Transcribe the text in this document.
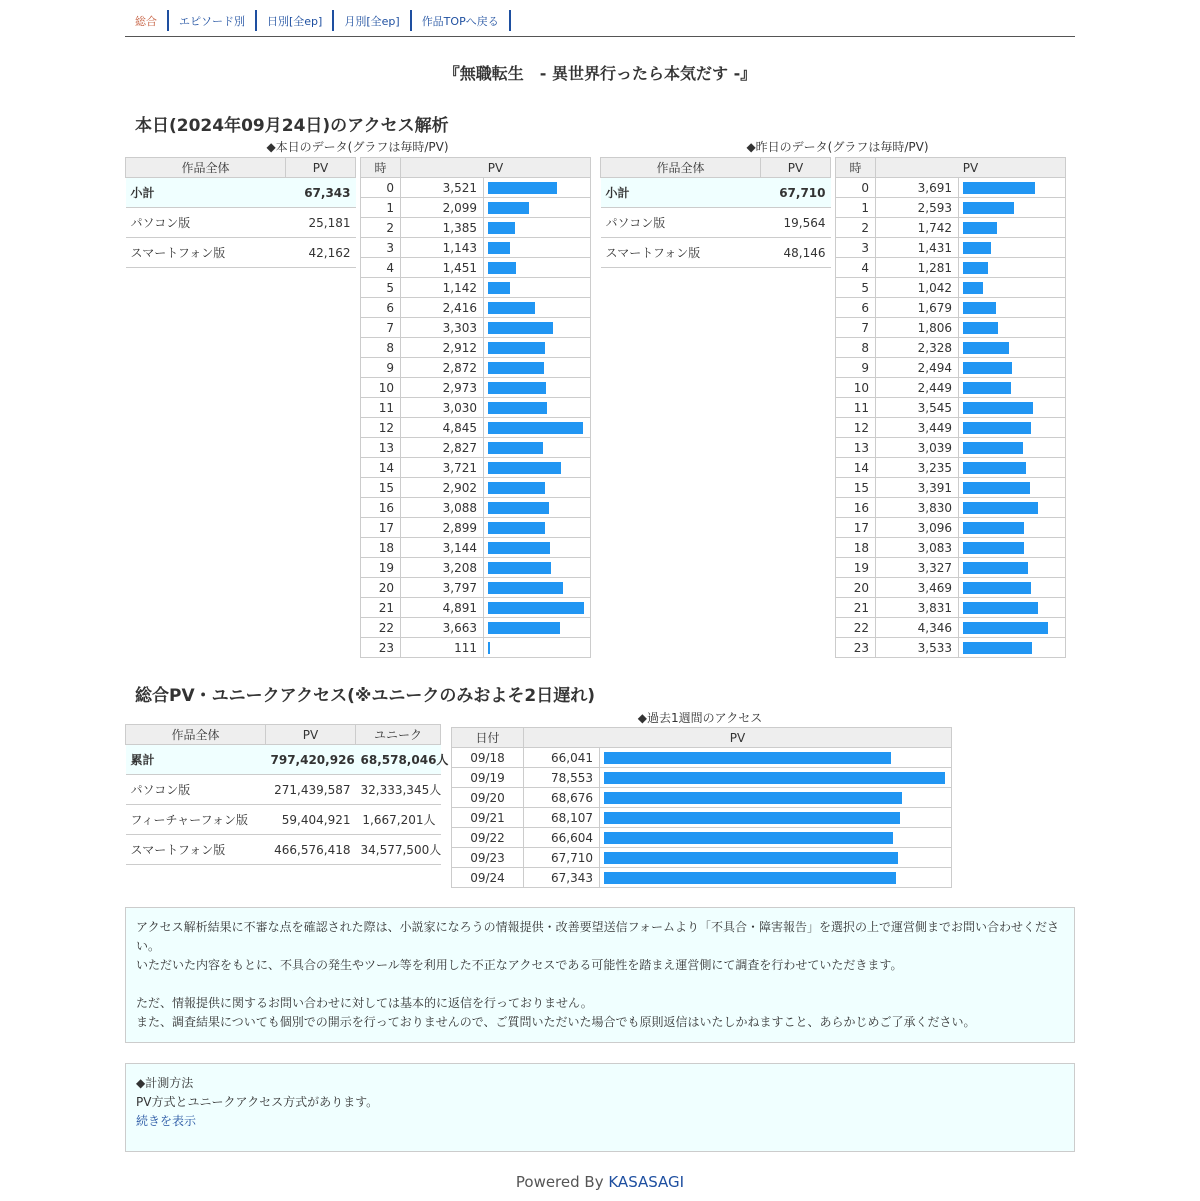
総合	エピソード別	日別[全ep]	月別[全ep]	作品TOPへ戻る
『無職転生　- 異世界行ったら本気だす -』
本日(2024年09月24日)のアクセス解析
◆本日のデータ(グラフは毎時/PV)	◆昨日のデータ(グラフは毎時/PV)
作品全体	PV
小計	67,343
パソコン版	25,181
スマートフォン版	42,162
時	PV	
0	3,521	

1	2,099	

2	1,385	

3	1,143	

4	1,451	

5	1,142	

6	2,416	

7	3,303	

8	2,912	

9	2,872	

10	2,973	

11	3,030	

12	4,845	

13	2,827	

14	3,721	

15	2,902	

16	3,088	

17	2,899	

18	3,144	

19	3,208	

20	3,797	

21	4,891	

22	3,663	

23	111	
作品全体	PV
小計	67,710
パソコン版	19,564
スマートフォン版	48,146
時	PV	
0	3,691	

1	2,593	

2	1,742	

3	1,431	

4	1,281	

5	1,042	

6	1,679	

7	1,806	

8	2,328	

9	2,494	

10	2,449	

11	3,545	

12	3,449	

13	3,039	

14	3,235	

15	3,391	

16	3,830	

17	3,096	

18	3,083	

19	3,327	

20	3,469	

21	3,831	

22	4,346	

23	3,533	
総合PV・ユニークアクセス(※ユニークのみおよそ2日遅れ)
作品全体	PV	ユニーク
累計	797,420,926	68,578,046人
パソコン版	271,439,587	32,333,345人
フィーチャーフォン版	59,404,921	1,667,201人
スマートフォン版	466,576,418	34,577,500人
◆過去1週間のアクセス
日付	PV	
09/18	66,041	

09/19	78,553	

09/20	68,676	

09/21	68,107	

09/22	66,604	

09/23	67,710	

09/24	67,343	
アクセス解析結果に不審な点を確認された際は、小説家になろうの情報提供・改善要望送信フォームより「不具合・障害報告」を選択の上で運営側までお問い合わせください。
いただいた内容をもとに、不具合の発生やツール等を利用した不正なアクセスである可能性を踏まえ運営側にて調査を行わせていただきます。

ただ、情報提供に関するお問い合わせに対しては基本的に返信を行っておりません。
また、調査結果についても個別での開示を行っておりませんので、ご質問いただいた場合でも原則返信はいたしかねますこと、あらかじめご了承ください。
◆計測方法
PV方式とユニークアクセス方式があります。
続きを表示
Powered By KASASAGI
